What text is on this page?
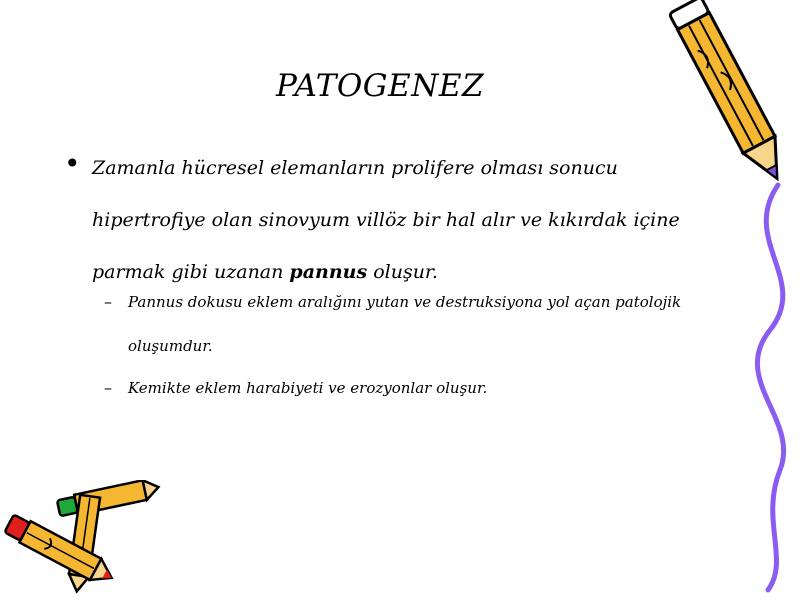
PATOGENEZ
• Zamanla hücresel elemanların prolifere olması sonucu hipertrofiye olan sinovyum villöz bir hal alır ve kıkırdak içine parmak gibi uzanan pannus oluşur.
– Pannus dokusu eklem aralığını yutan ve destruksiyona yol açan patolojik oluşumdur.
– Kemikte eklem harabiyeti ve erozyonlar oluşur.
